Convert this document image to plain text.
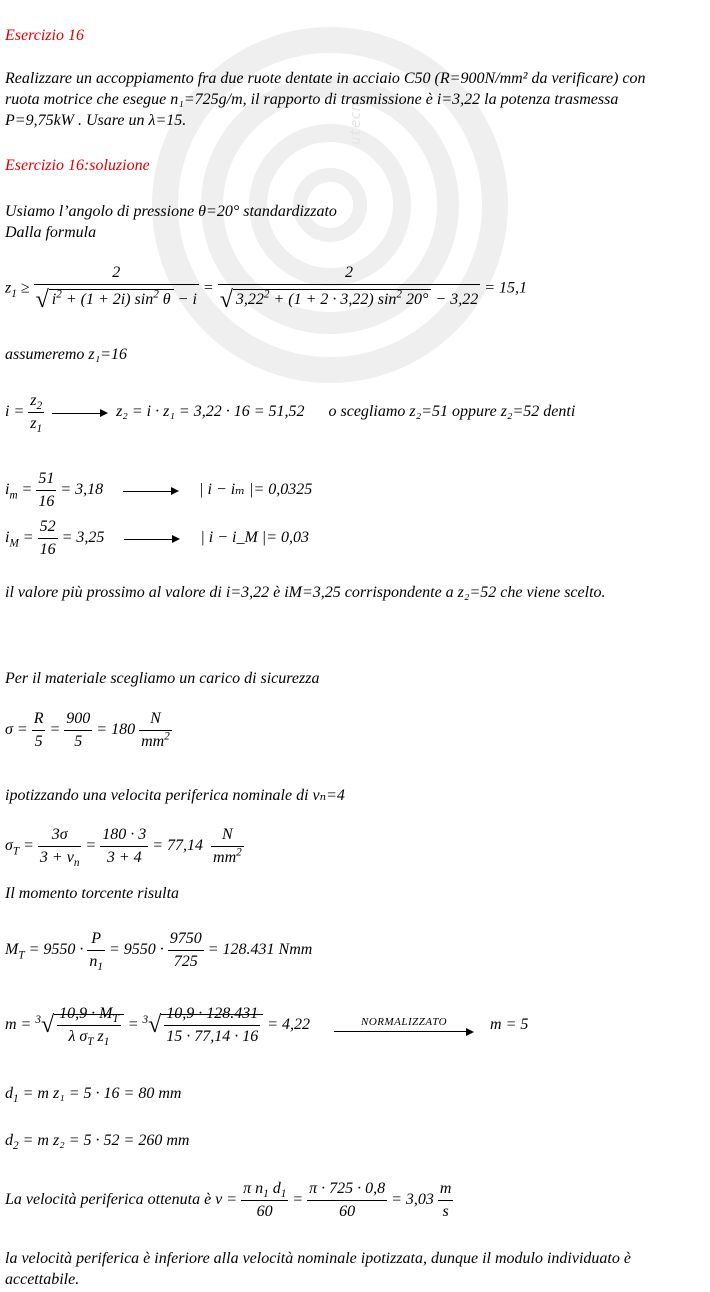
utecn
Esercizio 16
Realizzare un accoppiamento fra due ruote dentate in acciaio C50 (R=900N/mm² da verificare) con ruota motrice che esegue n₁=725g/m, il rapporto di trasmissione è i=3,22 la potenza trasmessa P=9,75kW . Usare un λ=15.
Esercizio 16:soluzione
Usiamo l’angolo di pressione θ=20° standardizzato
Dalla formula
$z_1 \ge \frac{2}{√ i^2 + (1 + 2i) \sin^2 \theta - i} = \frac{2}{√ 3,22^2 + (1 + 2 \cdot 3,22) \sin^2 20^\circ - 3,22} = 15,1$
assumeremo z₁=16
$i = \frac{z_2}{z_1}$	z₂ = i · z₁ = 3,22 · 16 = 51,52 o scegliamo z₂=51 oppure z₂=52 denti
$i_m = \frac{51}{16} = 3,18$	| i − iₘ |= 0,0325
$i_M = \frac{52}{16} = 3,25$	| i − i_M |= 0,03
il valore più prossimo al valore di i=3,22 è iM=3,25 corrispondente a z₂=52 che viene scelto.
Per il materiale scegliamo un carico di sicurezza
$\sigma = \frac{R}{5} = \frac{900}{5} = 180 \frac{N}{mm^2}$
ipotizzando una velocita periferica nominale di vₙ=4
$\sigma_T = \frac{3\sigma}{3 + v_n} = \frac{180 \cdot 3}{3 + 4} = 77,14 \frac{N}{mm^2}$
Il momento torcente risulta
$M_T = 9550 \cdot \frac{P}{n_1} = 9550 \cdot \frac{9750}{725} = 128.431$ Nmm
$m = ^3√ \frac{10,9 \cdot M_T}{\lambda \sigma_T z_1} = ^3√ \frac{10,9 \cdot 128.431}{15 \cdot 77,14 \cdot 16} = 4,22$	NORMALIZZATO	m = 5
$d_1 = m$ z₁ = 5 · 16 = 80 mm
$d_2 = m$ z₂ = 5 · 52 = 260 mm
La velocità periferica ottenuta è $v = \frac{\pi n_1 d_1}{60} = \frac{\pi \cdot 725 \cdot 0,8}{60} = 3,03 \frac{m}{s}$
la velocità periferica è inferiore alla velocità nominale ipotizzata, dunque il modulo individuato è accettabile.
